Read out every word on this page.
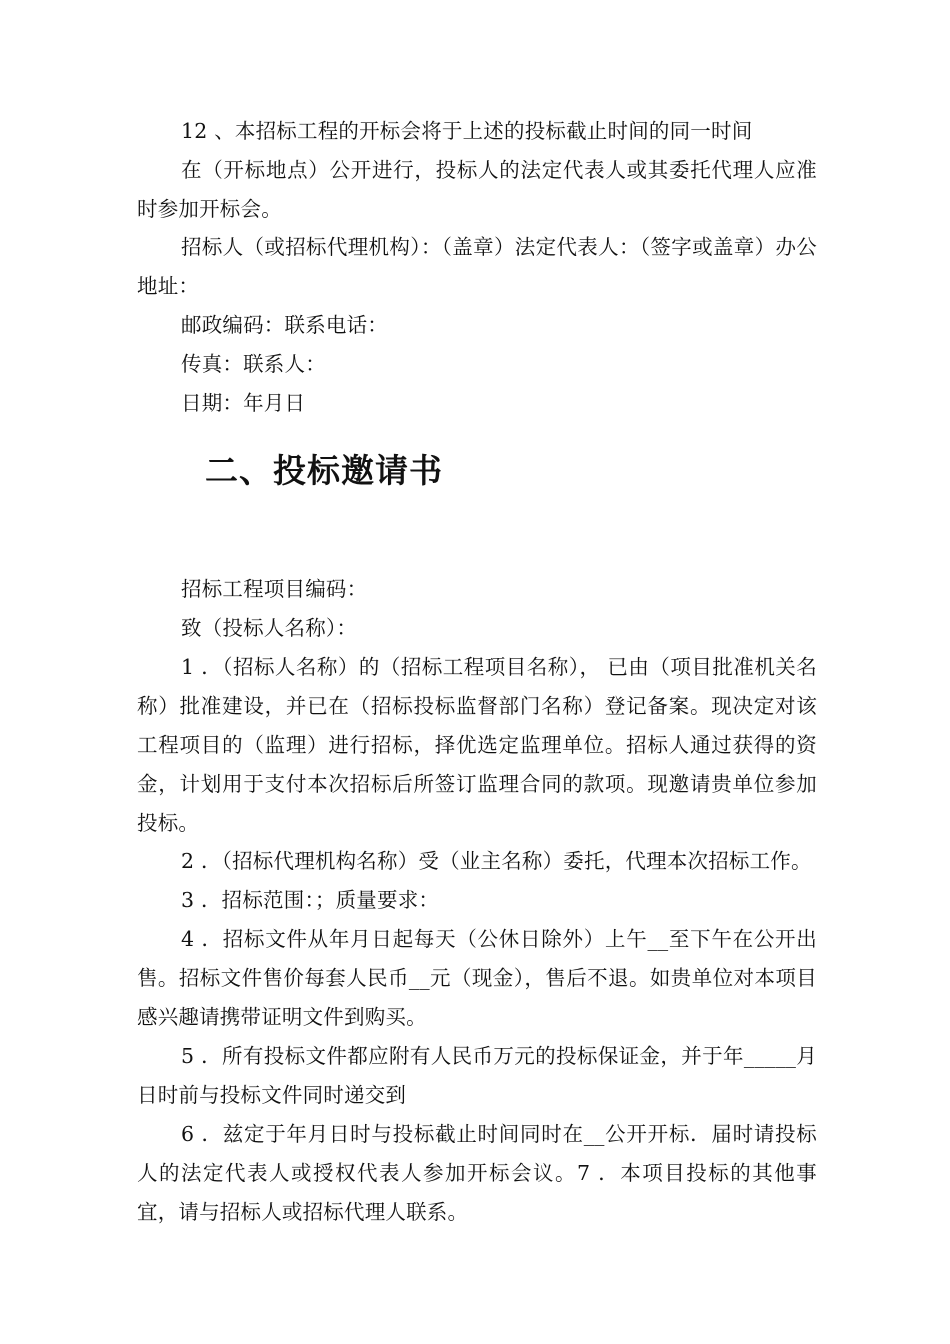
12 、本招标工程的开标会将于上述的投标截止时间的同一时间

在（开标地点）公开进行，投标人的法定代表人或其委托代理人应准时参加开标会。

招标人（或招标代理机构）：（盖章）法定代表人：（签字或盖章）办公地址：

邮政编码：联系电话：

传真：联系人：

日期：年月日

二、投标邀请书

招标工程项目编码：

致（投标人名称）：

1 ．（招标人名称）的（招标工程项目名称）， 已由（项目批准机关名称）批准建设，并已在（招标投标监督部门名称）登记备案。现决定对该工程项目的（监理）进行招标，择优选定监理单位。招标人通过获得的资金，计划用于支付本次招标后所签订监理合同的款项。现邀请贵单位参加投标。

2 ．（招标代理机构名称）受（业主名称）委托，代理本次招标工作。

3 ．招标范围：；质量要求：

4 ．招标文件从年月日起每天（公休日除外）上午__至下午在公开出售。招标文件售价每套人民币__元（现金），售后不退。如贵单位对本项目感兴趣请携带证明文件到购买。

5 ．所有投标文件都应附有人民币万元的投标保证金，并于年_____月日时前与投标文件同时递交到

6 ．兹定于年月日时与投标截止时间同时在__公开开标．届时请投标人的法定代表人或授权代表人参加开标会议。7 ．本项目投标的其他事宜，请与招标人或招标代理人联系。
